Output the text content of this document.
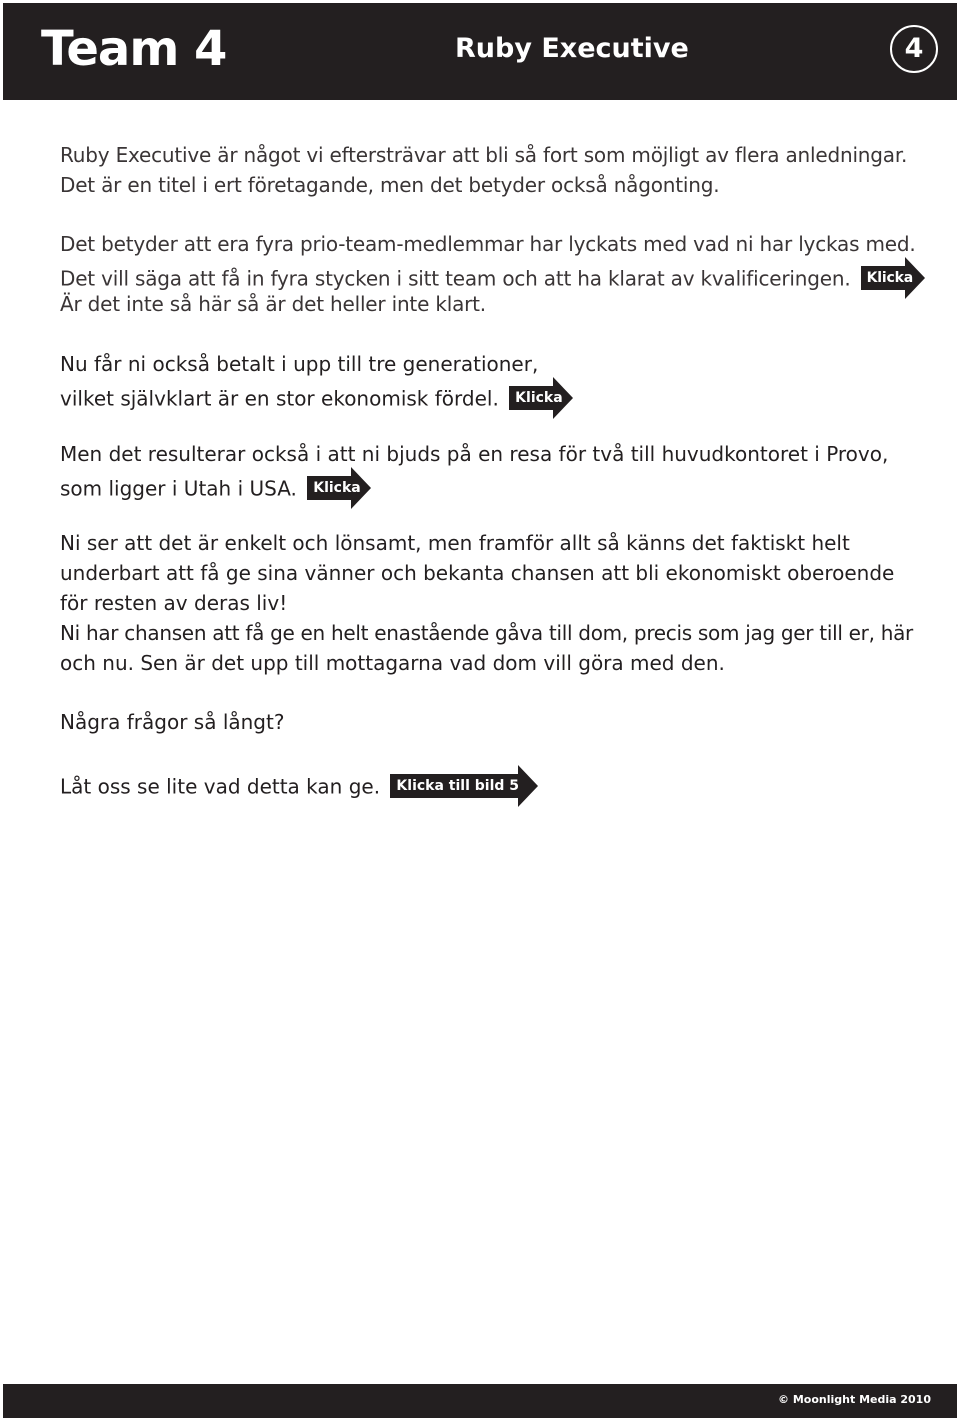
Team 4	Ruby Executive	4

Ruby Executive är något vi eftersträvar att bli så fort som möjligt av flera anledningar.

Det är en titel i ert företagande, men det betyder också någonting.

Det betyder att era fyra prio-team-medlemmar har lyckats med vad ni har lyckas med.

Det vill säga att få in fyra stycken i sitt team och att ha klarat av kvalificeringen. Klicka

Är det inte så här så är det heller inte klart.

Nu får ni också betalt i upp till tre generationer,

vilket självklart är en stor ekonomisk fördel. Klicka

Men det resulterar också i att ni bjuds på en resa för två till huvudkontoret i Provo,

som ligger i Utah i USA. Klicka

Ni ser att det är enkelt och lönsamt, men framför allt så känns det faktiskt helt

underbart att få ge sina vänner och bekanta chansen att bli ekonomiskt oberoende

för resten av deras liv!

Ni har chansen att få ge en helt enastående gåva till dom, precis som jag ger till er, här

och nu. Sen är det upp till mottagarna vad dom vill göra med den.

Några frågor så långt?

Låt oss se lite vad detta kan ge. Klicka till bild 5

© Moonlight Media 2010
